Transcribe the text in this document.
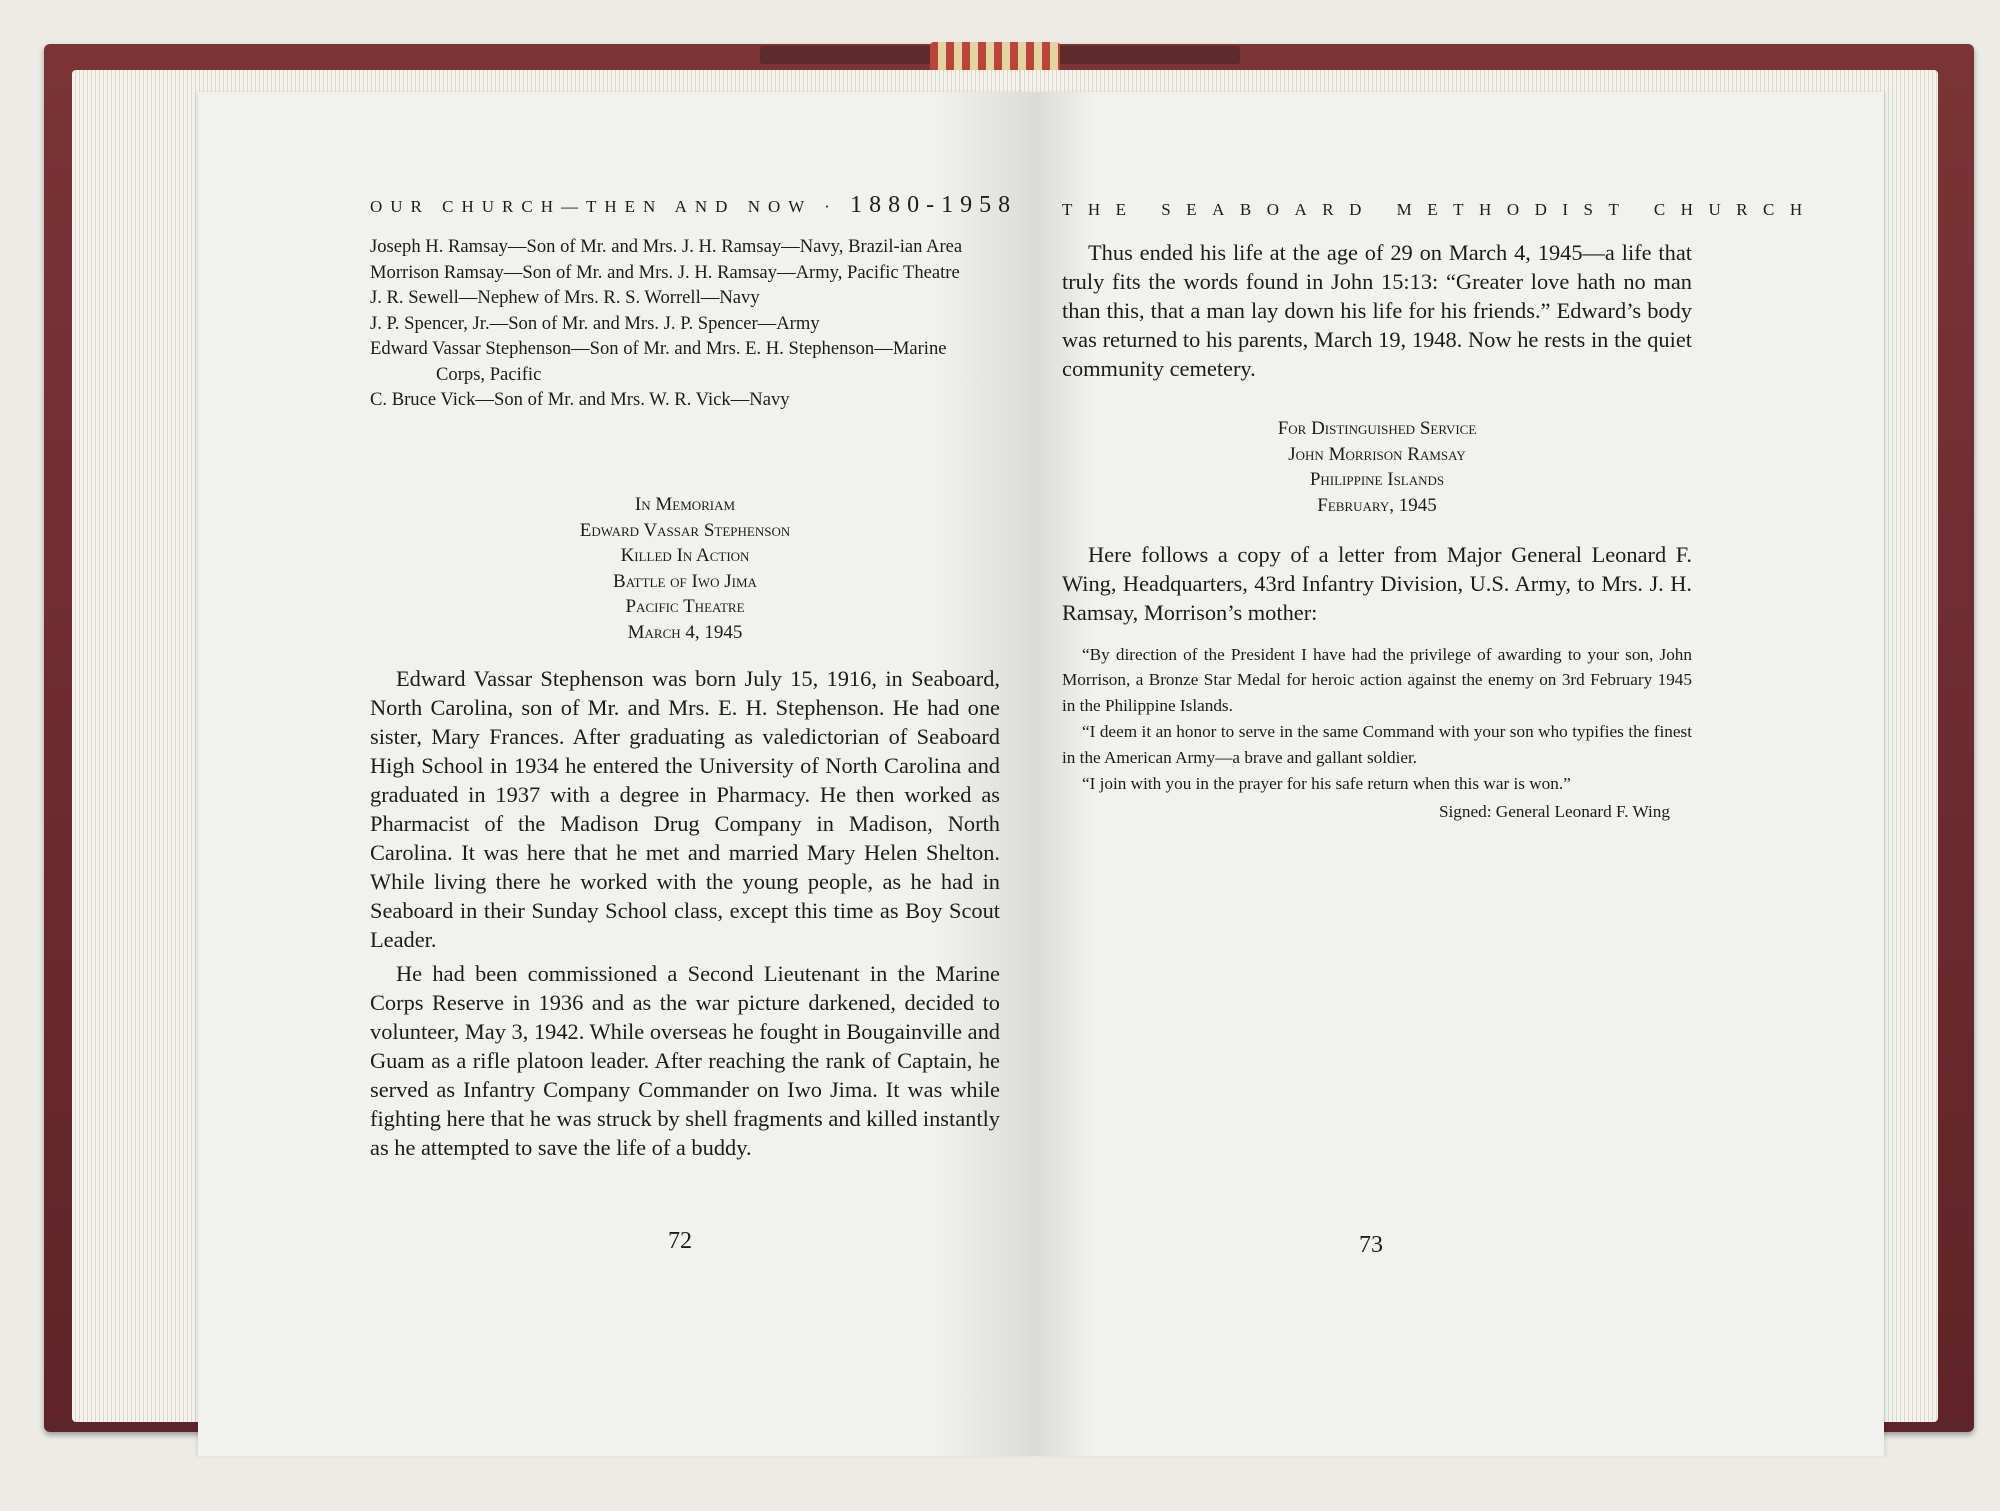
OUR CHURCH—THEN AND NOW · 1880-1958
Joseph H. Ramsay—Son of Mr. and Mrs. J. H. Ramsay—Navy, Brazil-ian Area
Morrison Ramsay—Son of Mr. and Mrs. J. H. Ramsay—Army, Pacific Theatre
J. R. Sewell—Nephew of Mrs. R. S. Worrell—Navy
J. P. Spencer, Jr.—Son of Mr. and Mrs. J. P. Spencer—Army
Edward Vassar Stephenson—Son of Mr. and Mrs. E. H. Stephenson—Marine Corps, Pacific
C. Bruce Vick—Son of Mr. and Mrs. W. R. Vick—Navy
In Memoriam
Edward Vassar Stephenson
Killed In Action
Battle of Iwo Jima
Pacific Theatre
March 4, 1945

Edward Vassar Stephenson was born July 15, 1916, in Seaboard, North Carolina, son of Mr. and Mrs. E. H. Stephenson. He had one sister, Mary Frances. After graduating as valedictorian of Seaboard High School in 1934 he entered the University of North Carolina and graduated in 1937 with a degree in Pharmacy. He then worked as Pharmacist of the Madison Drug Company in Madison, North Carolina. It was here that he met and married Mary Helen Shelton. While living there he worked with the young people, as he had in Seaboard in their Sunday School class, except this time as Boy Scout Leader.

He had been commissioned a Second Lieutenant in the Marine Corps Reserve in 1936 and as the war picture darkened, decided to volunteer, May 3, 1942. While overseas he fought in Bougainville and Guam as a rifle platoon leader. After reaching the rank of Captain, he served as Infantry Company Commander on Iwo Jima. It was while fighting here that he was struck by shell fragments and killed instantly as he attempted to save the life of a buddy.

72
THE SEABOARD METHODIST CHURCH

Thus ended his life at the age of 29 on March 4, 1945—a life that truly fits the words found in John 15:13: “Greater love hath no man than this, that a man lay down his life for his friends.” Edward’s body was returned to his parents, March 19, 1948. Now he rests in the quiet community cemetery.

For Distinguished Service
John Morrison Ramsay
Philippine Islands
February, 1945

Here follows a copy of a letter from Major General Leonard F. Wing, Headquarters, 43rd Infantry Division, U.S. Army, to Mrs. J. H. Ramsay, Morrison’s mother:

“By direction of the President I have had the privilege of awarding to your son, John Morrison, a Bronze Star Medal for heroic action against the enemy on 3rd February 1945 in the Philippine Islands.

“I deem it an honor to serve in the same Command with your son who typifies the finest in the American Army—a brave and gallant soldier.

“I join with you in the prayer for his safe return when this war is won.”

Signed: General Leonard F. Wing

73
